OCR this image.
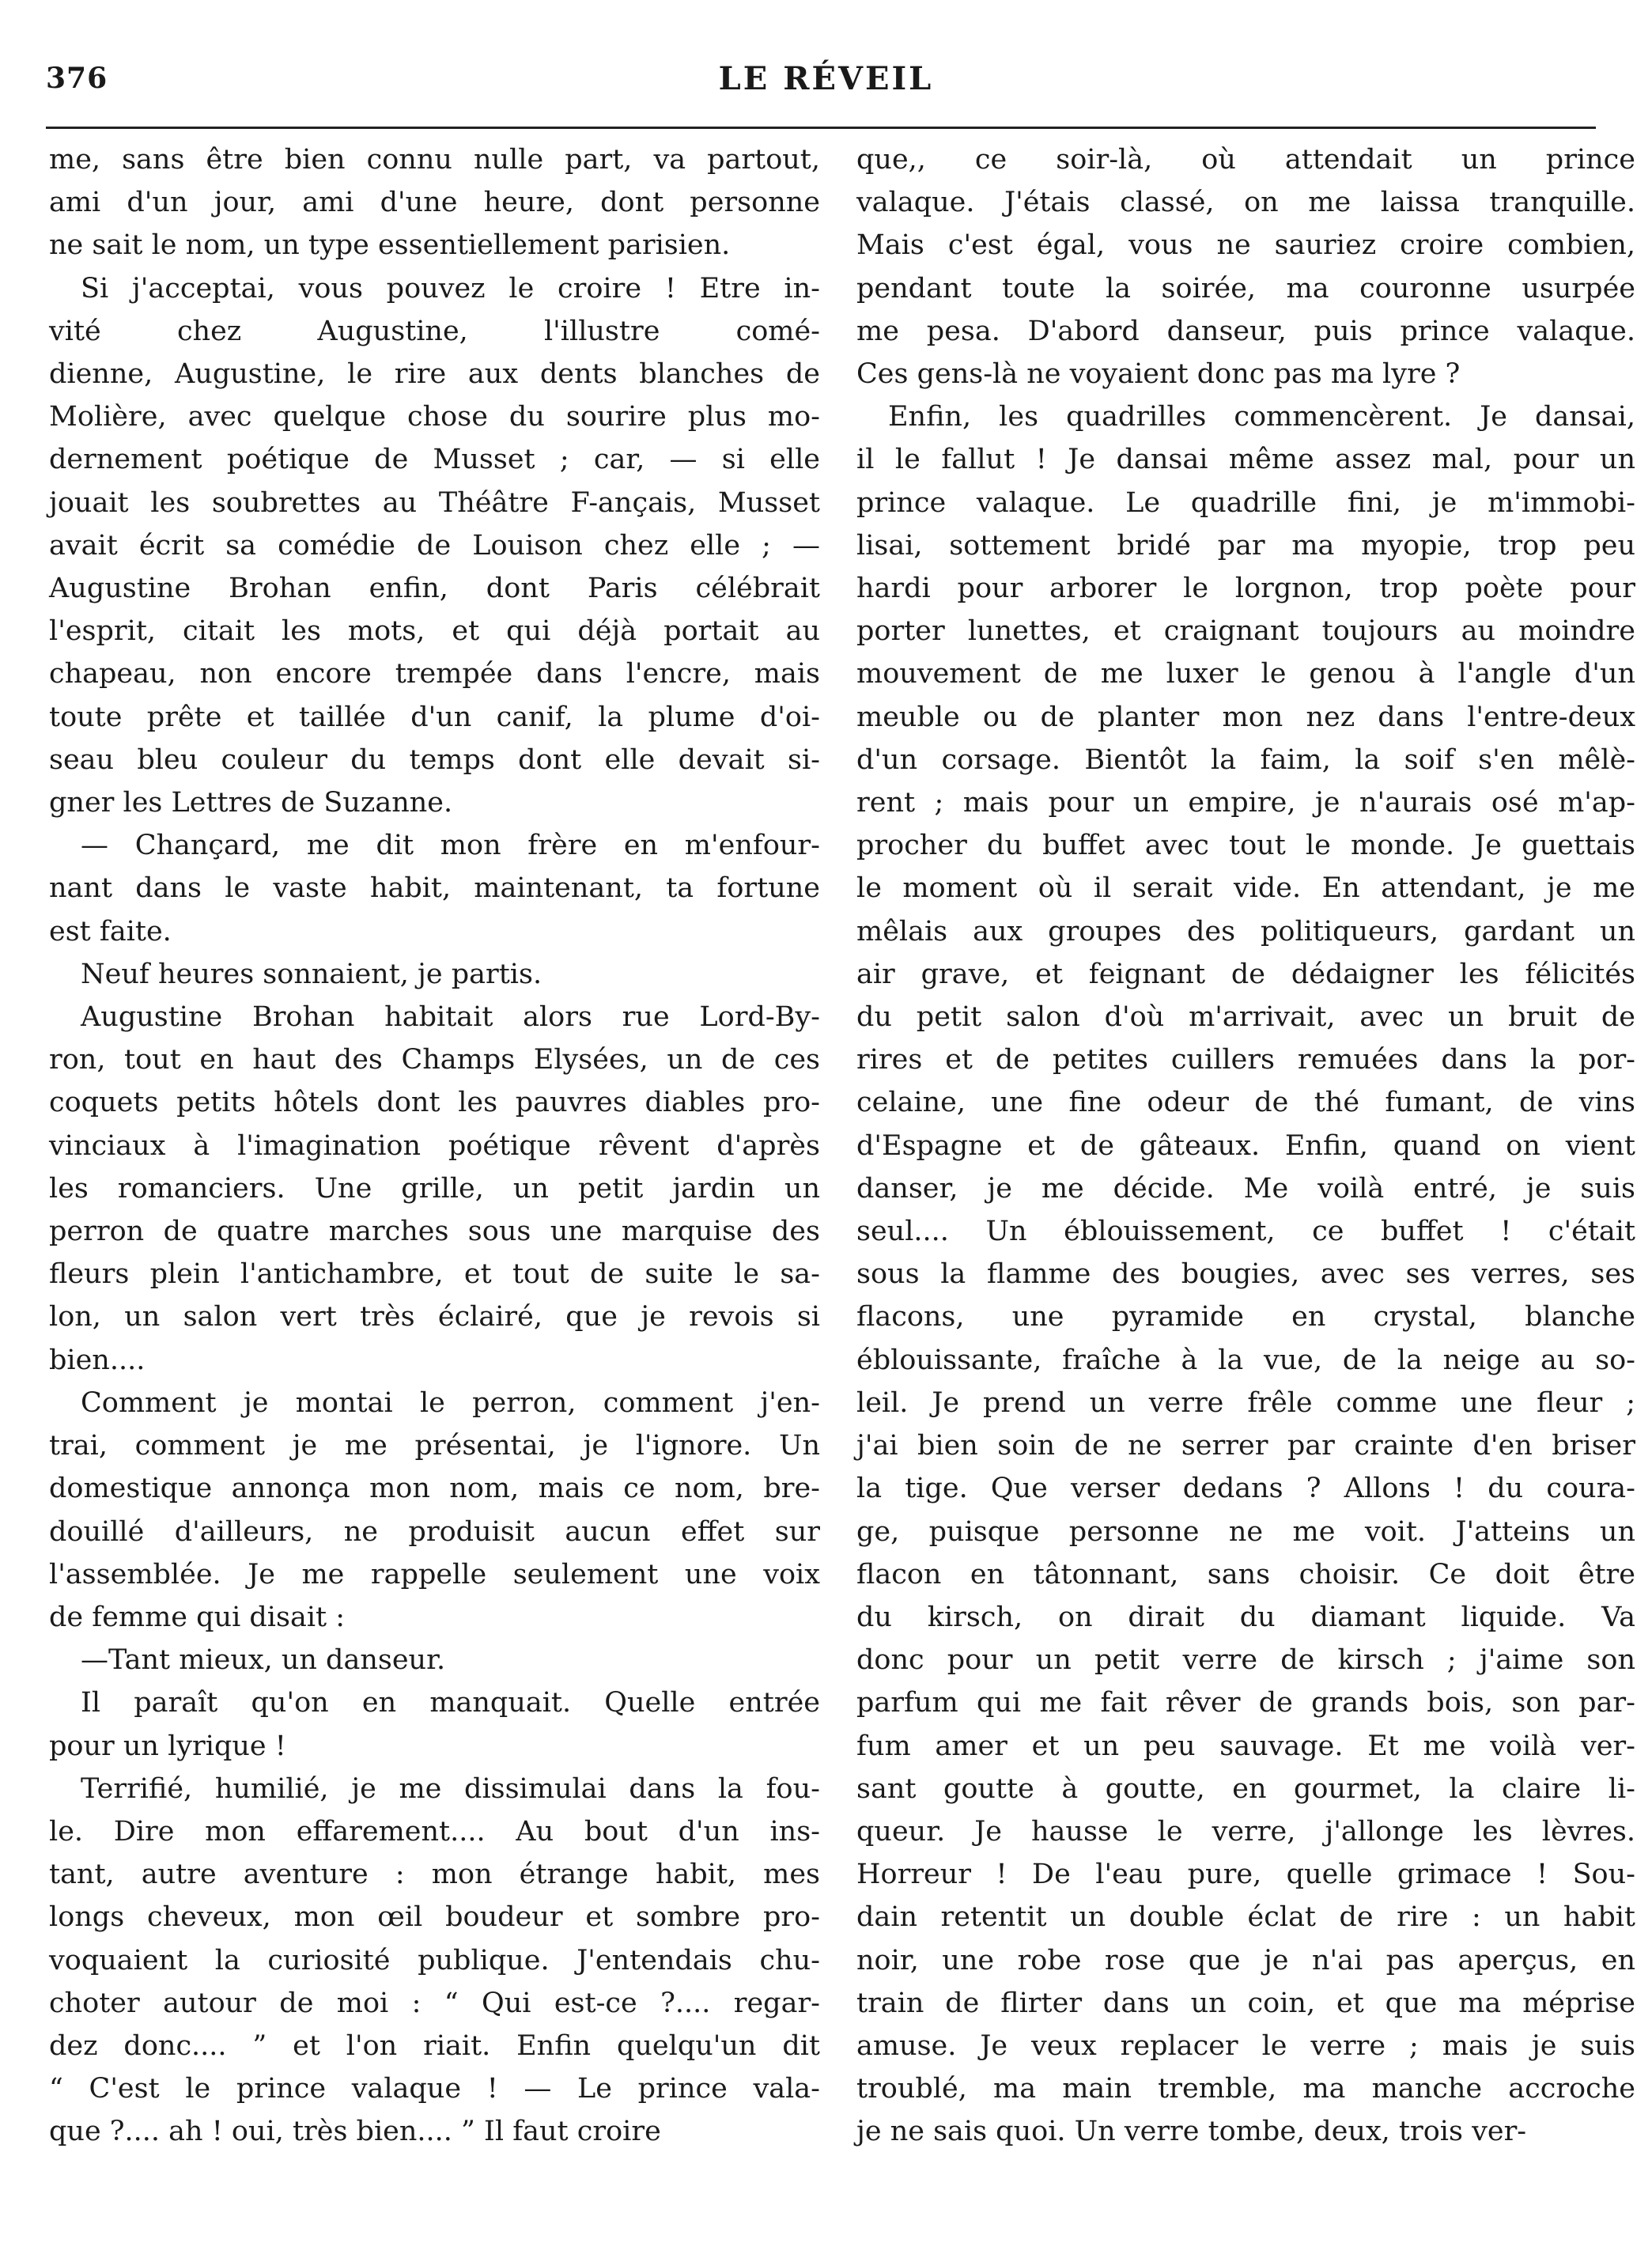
376	LE RÉVEIL

me, sans être bien connu nulle part, va partout,
ami d'un jour, ami d'une heure, dont personne
ne sait le nom, un type essentiellement parisien.

Si j'acceptai, vous pouvez le croire ! Etre in-
vité chez Augustine, l'illustre comé-
dienne, Augustine, le rire aux dents blanches de
Molière, avec quelque chose du sourire plus mo-
dernement poétique de Musset ; car, — si elle
jouait les soubrettes au Théâtre F-ançais, Musset
avait écrit sa comédie de Louison chez elle ; —
Augustine Brohan enfin, dont Paris célébrait
l'esprit, citait les mots, et qui déjà portait au
chapeau, non encore trempée dans l'encre, mais
toute prête et taillée d'un canif, la plume d'oi-
seau bleu couleur du temps dont elle devait si-
gner les Lettres de Suzanne.

— Chançard, me dit mon frère en m'enfour-
nant dans le vaste habit, maintenant, ta fortune
est faite.

Neuf heures sonnaient, je partis.

Augustine Brohan habitait alors rue Lord-By-
ron, tout en haut des Champs Elysées, un de ces
coquets petits hôtels dont les pauvres diables pro-
vinciaux à l'imagination poétique rêvent d'après
les romanciers. Une grille, un petit jardin un
perron de quatre marches sous une marquise des
fleurs plein l'antichambre, et tout de suite le sa-
lon, un salon vert très éclairé, que je revois si
bien....

Comment je montai le perron, comment j'en-
trai, comment je me présentai, je l'ignore. Un
domestique annonça mon nom, mais ce nom, bre-
douillé d'ailleurs, ne produisit aucun effet sur
l'assemblée. Je me rappelle seulement une voix
de femme qui disait :

—Tant mieux, un danseur.

Il paraît qu'on en manquait. Quelle entrée
pour un lyrique !

Terrifié, humilié, je me dissimulai dans la fou-
le. Dire mon effarement.... Au bout d'un ins-
tant, autre aventure : mon étrange habit, mes
longs cheveux, mon œil boudeur et sombre pro-
voquaient la curiosité publique. J'entendais chu-
choter autour de moi : “ Qui est-ce ?.... regar-
dez donc.... ” et l'on riait. Enfin quelqu'un dit
“ C'est le prince valaque ! — Le prince vala-
que ?.... ah ! oui, très bien.... ” Il faut croire

que,, ce soir-là, où attendait un prince
valaque. J'étais classé, on me laissa tranquille.
Mais c'est égal, vous ne sauriez croire combien,
pendant toute la soirée, ma couronne usurpée
me pesa. D'abord danseur, puis prince valaque.
Ces gens-là ne voyaient donc pas ma lyre ?

Enfin, les quadrilles commencèrent. Je dansai,
il le fallut ! Je dansai même assez mal, pour un
prince valaque. Le quadrille fini, je m'immobi-
lisai, sottement bridé par ma myopie, trop peu
hardi pour arborer le lorgnon, trop poète pour
porter lunettes, et craignant toujours au moindre
mouvement de me luxer le genou à l'angle d'un
meuble ou de planter mon nez dans l'entre-deux
d'un corsage. Bientôt la faim, la soif s'en mêlè-
rent ; mais pour un empire, je n'aurais osé m'ap-
procher du buffet avec tout le monde. Je guettais
le moment où il serait vide. En attendant, je me
mêlais aux groupes des politiqueurs, gardant un
air grave, et feignant de dédaigner les félicités
du petit salon d'où m'arrivait, avec un bruit de
rires et de petites cuillers remuées dans la por-
celaine, une fine odeur de thé fumant, de vins
d'Espagne et de gâteaux. Enfin, quand on vient
danser, je me décide. Me voilà entré, je suis
seul.... Un éblouissement, ce buffet ! c'était
sous la flamme des bougies, avec ses verres, ses
flacons, une pyramide en crystal, blanche
éblouissante, fraîche à la vue, de la neige au so-
leil. Je prend un verre frêle comme une fleur ;
j'ai bien soin de ne serrer par crainte d'en briser
la tige. Que verser dedans ? Allons ! du coura-
ge, puisque personne ne me voit. J'atteins un
flacon en tâtonnant, sans choisir. Ce doit être
du kirsch, on dirait du diamant liquide. Va
donc pour un petit verre de kirsch ; j'aime son
parfum qui me fait rêver de grands bois, son par-
fum amer et un peu sauvage. Et me voilà ver-
sant goutte à goutte, en gourmet, la claire li-
queur. Je hausse le verre, j'allonge les lèvres.
Horreur ! De l'eau pure, quelle grimace ! Sou-
dain retentit un double éclat de rire : un habit
noir, une robe rose que je n'ai pas aperçus, en
train de flirter dans un coin, et que ma méprise
amuse. Je veux replacer le verre ; mais je suis
troublé, ma main tremble, ma manche accroche
je ne sais quoi. Un verre tombe, deux, trois ver-
